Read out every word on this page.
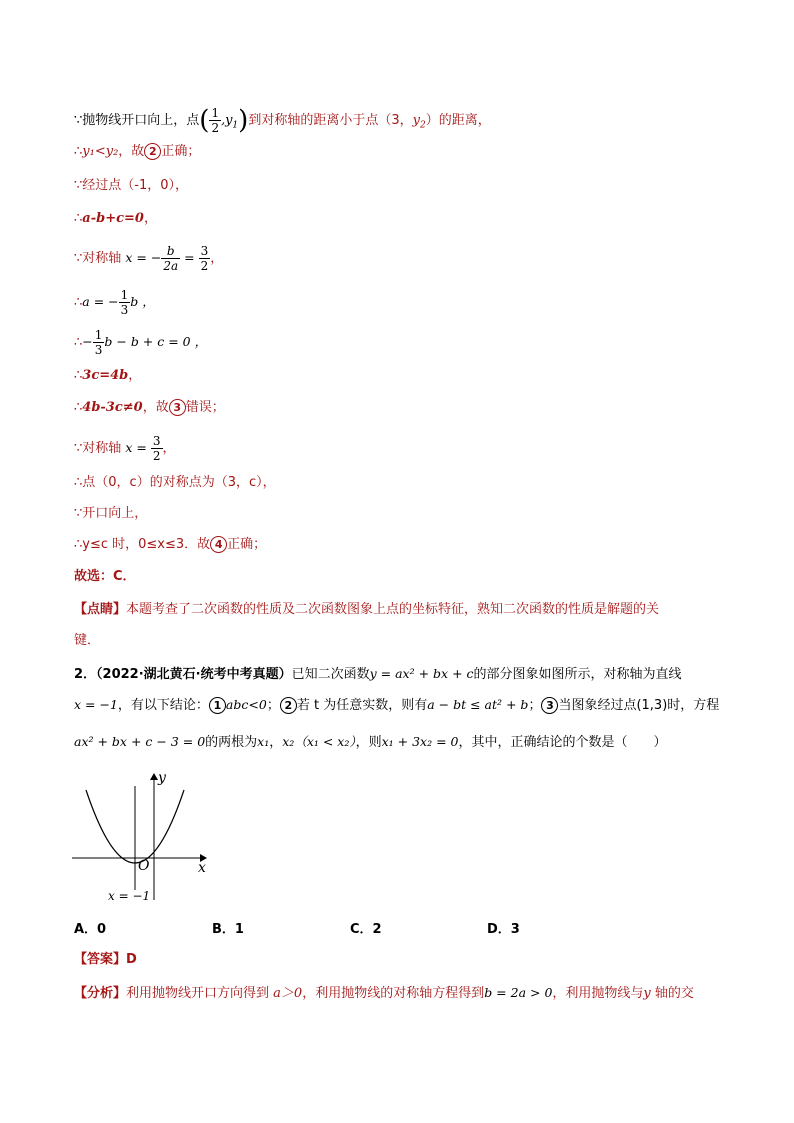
∵抛物线开口向上，点( $\frac{1}{2} ,y_1$)到对称轴的距离小于点（3，$y_2$）的距离，
∴y₁<y₂，故 2 正确；
∵经过点（-1，0），
∴a-b+c=0，
∵对称轴 x = − $\frac{b}{2a} = \frac{3}{2}$ ，
∴a = − $\frac{1}{3}$ b ，
∴− $\frac{1}{3}$ b − b + c = 0 ，
∴3c=4b，
∴4b-3c≠0，故 3 错误；
∵对称轴 $x = \frac{3}{2}$ ，
∴点（0，c）的对称点为（3，c），
∵开口向上，
∴y≤c 时，0≤x≤3．故 4 正确；
故选：C．
【点睛】本题考查了二次函数的性质及二次函数图象上点的坐标特征，熟知二次函数的性质是解题的关
键．
2．（2022·湖北黄石·统考中考真题）已知二次函数y = ax² + bx + c的部分图象如图所示，对称轴为直线
x = −1，有以下结论： 1 abc<0； 2 若 t 为任意实数，则有a − bt ≤ at² + b； 3 当图象经过点(1,3)时，方程
ax² + bx + c − 3 = 0的两根为x₁，x₂（x₁ < x₂），则x₁ + 3x₂ = 0，其中，正确结论的个数是（　　）
y
x
O
x = −1
A．0	B．1	C．2	D．3
【答案】D
【分析】利用抛物线开口方向得到 a＞0，利用抛物线的对称轴方程得到b = 2a > 0，利用抛物线与y 轴的交
